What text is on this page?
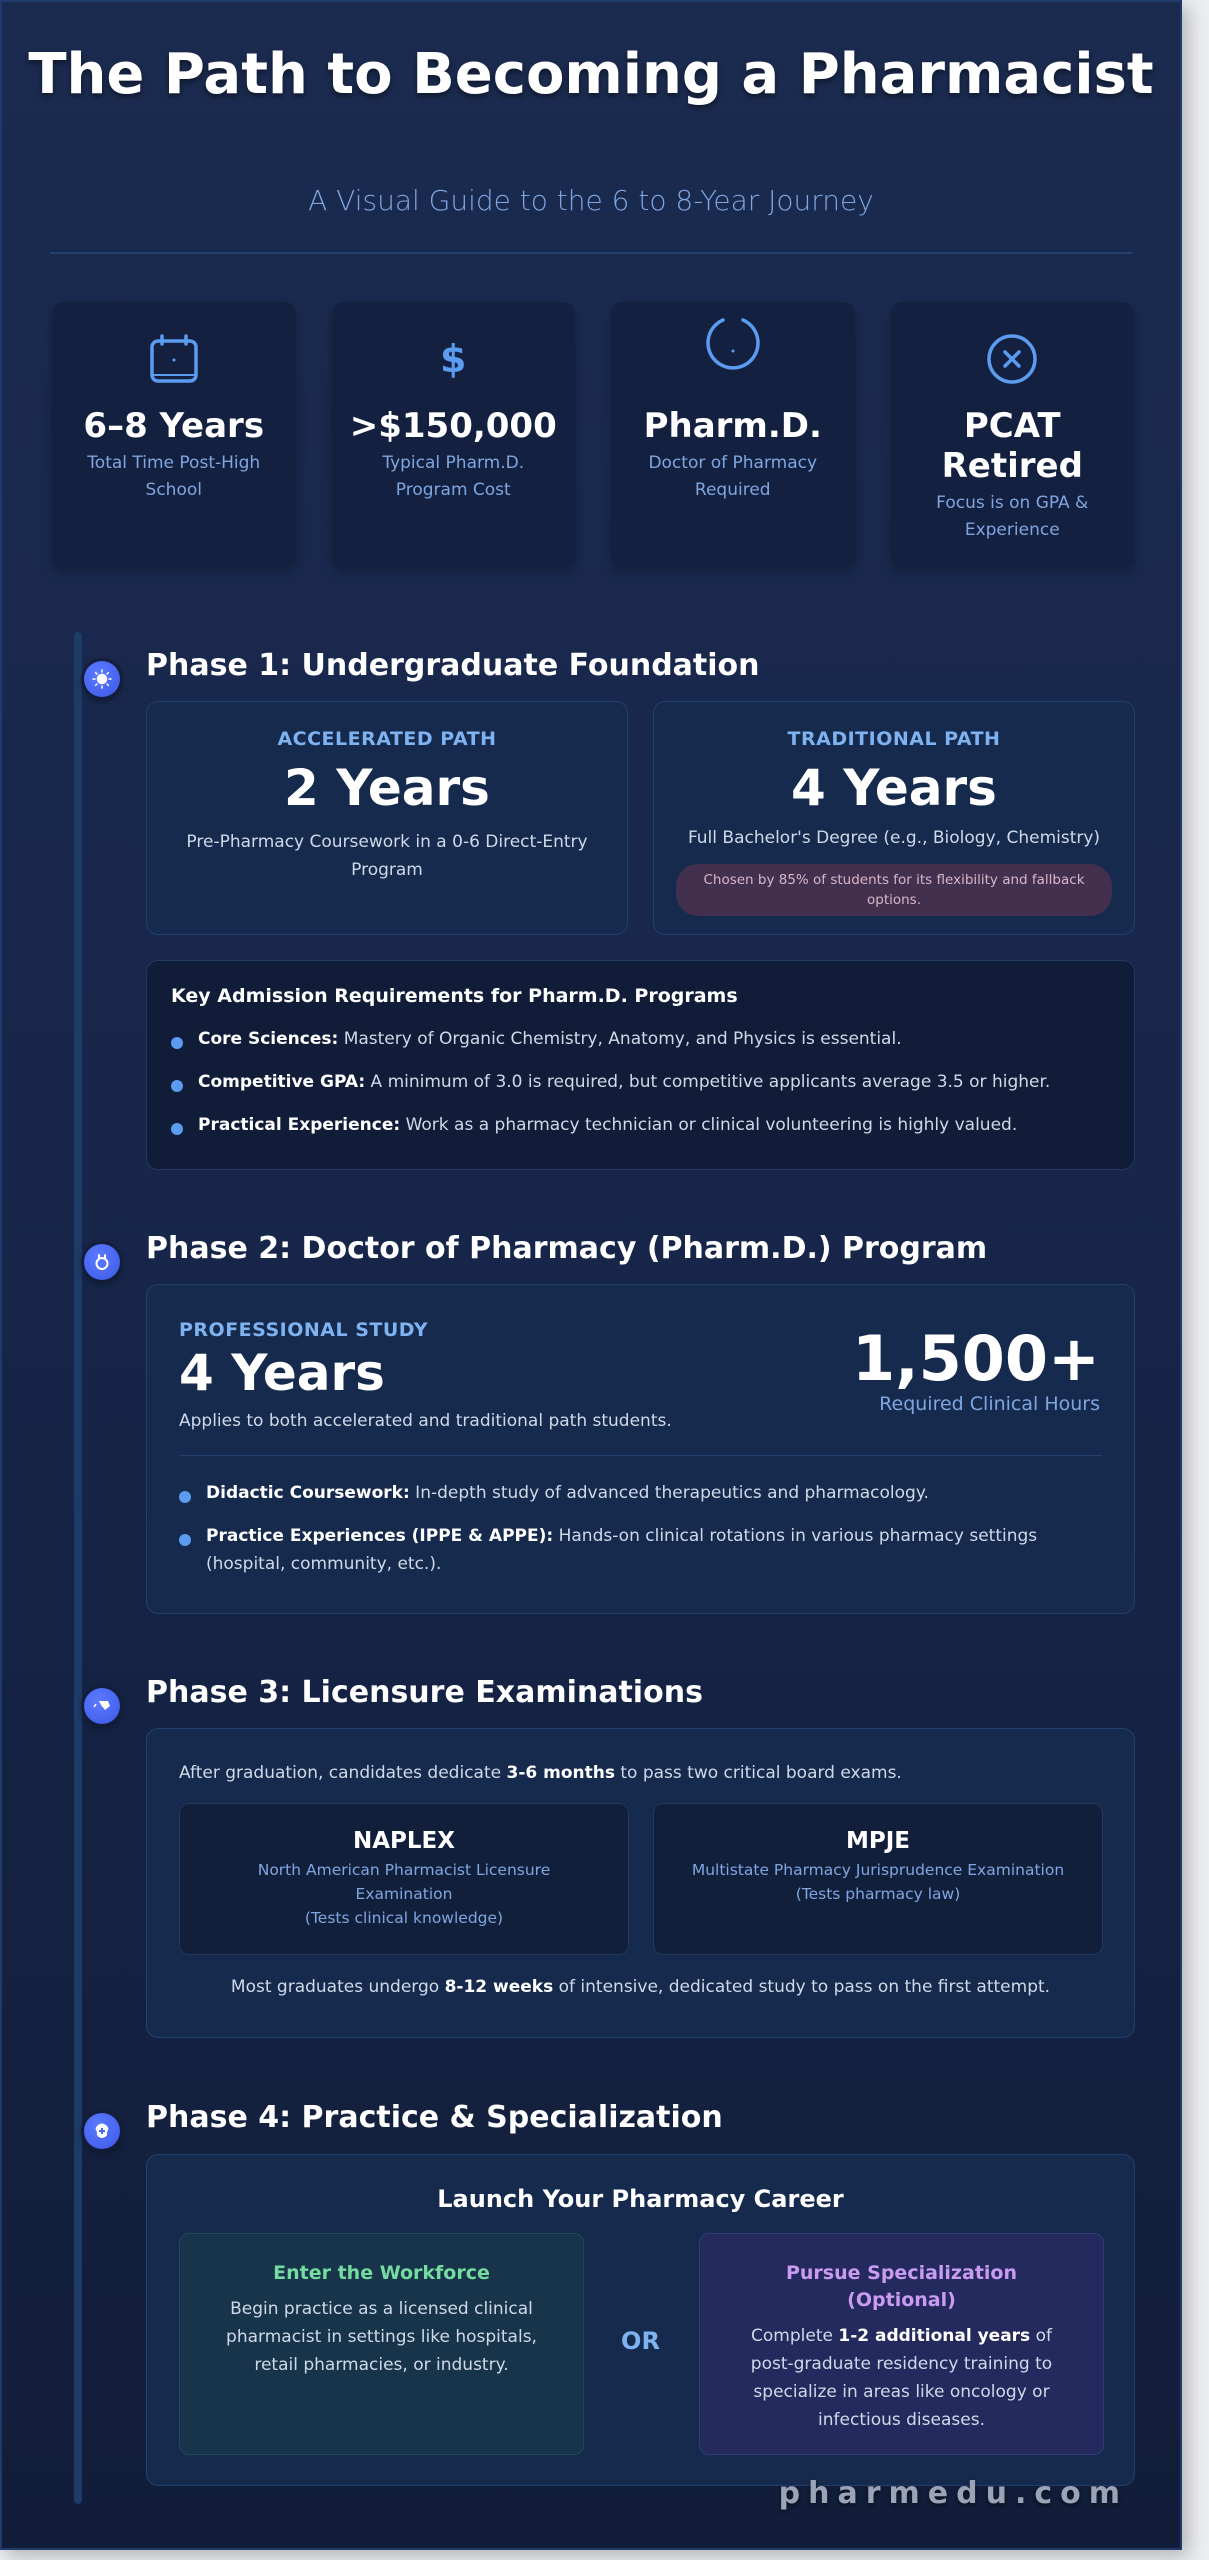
The Path to Becoming a Pharmacist
A Visual Guide to the 6 to 8-Year Journey
6–8 Years
Total Time Post-High School
$
>$150,000
Typical Pharm.D. Program Cost
Pharm.D.
Doctor of Pharmacy Required
PCAT Retired
Focus is on GPA & Experience
Phase 1: Undergraduate Foundation
ACCELERATED PATH
2 Years
Pre-Pharmacy Coursework in a 0-6 Direct-Entry Program
TRADITIONAL PATH
4 Years
Full Bachelor's Degree (e.g., Biology, Chemistry)
Chosen by 85% of students for its flexibility and fallback options.
Key Admission Requirements for Pharm.D. Programs
Core Sciences: Mastery of Organic Chemistry, Anatomy, and Physics is essential.
Competitive GPA: A minimum of 3.0 is required, but competitive applicants average 3.5 or higher.
Practical Experience: Work as a pharmacy technician or clinical volunteering is highly valued.
Phase 2: Doctor of Pharmacy (Pharm.D.) Program
PROFESSIONAL STUDY
4 Years
Applies to both accelerated and traditional path students.
1,500+
Required Clinical Hours
Didactic Coursework: In-depth study of advanced therapeutics and pharmacology.
Practice Experiences (IPPE & APPE): Hands-on clinical rotations in various pharmacy settings (hospital, community, etc.).
Phase 3: Licensure Examinations
After graduation, candidates dedicate 3-6 months to pass two critical board exams.
NAPLEX
North American Pharmacist Licensure Examination
(Tests clinical knowledge)
MPJE
Multistate Pharmacy Jurisprudence Examination
(Tests pharmacy law)
Most graduates undergo 8-12 weeks of intensive, dedicated study to pass on the first attempt.
Phase 4: Practice & Specialization
Launch Your Pharmacy Career
Enter the Workforce
Begin practice as a licensed clinical pharmacist in settings like hospitals, retail pharmacies, or industry.
OR
Pursue Specialization (Optional)
Complete 1-2 additional years of post-graduate residency training to specialize in areas like oncology or infectious diseases.
pharmedu.com
